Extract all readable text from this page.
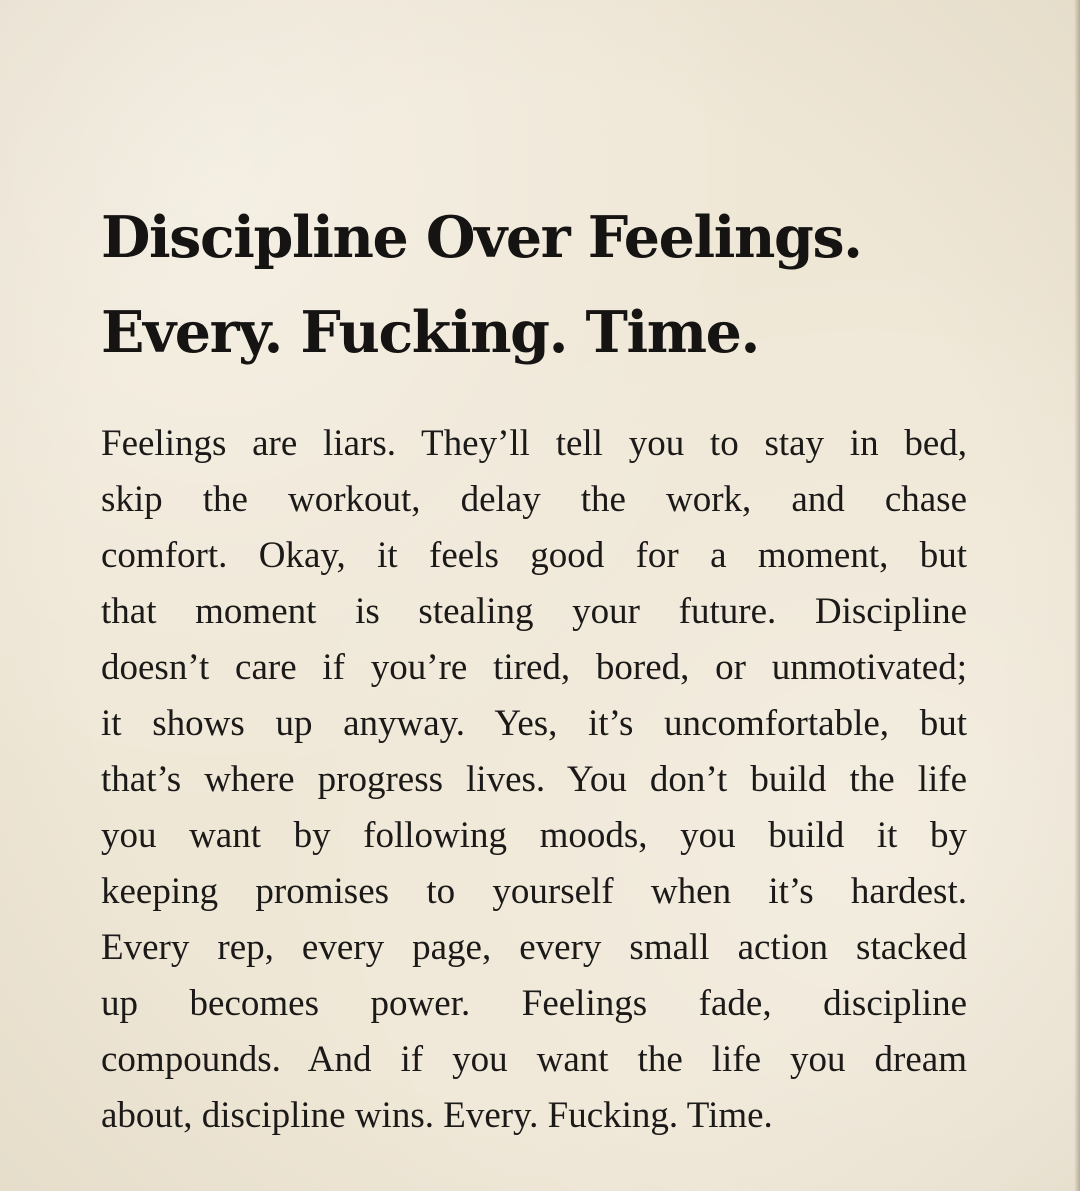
Discipline Over Feelings.
Every. Fucking. Time.
Feelings are liars. They’ll tell you to stay in bed,
skip the workout, delay the work, and chase
comfort. Okay, it feels good for a moment, but
that moment is stealing your future. Discipline
doesn’t care if you’re tired, bored, or unmotivated;
it shows up anyway. Yes, it’s uncomfortable, but
that’s where progress lives. You don’t build the life
you want by following moods, you build it by
keeping promises to yourself when it’s hardest.
Every rep, every page, every small action stacked
up becomes power. Feelings fade, discipline
compounds. And if you want the life you dream
about, discipline wins. Every. Fucking. Time.
